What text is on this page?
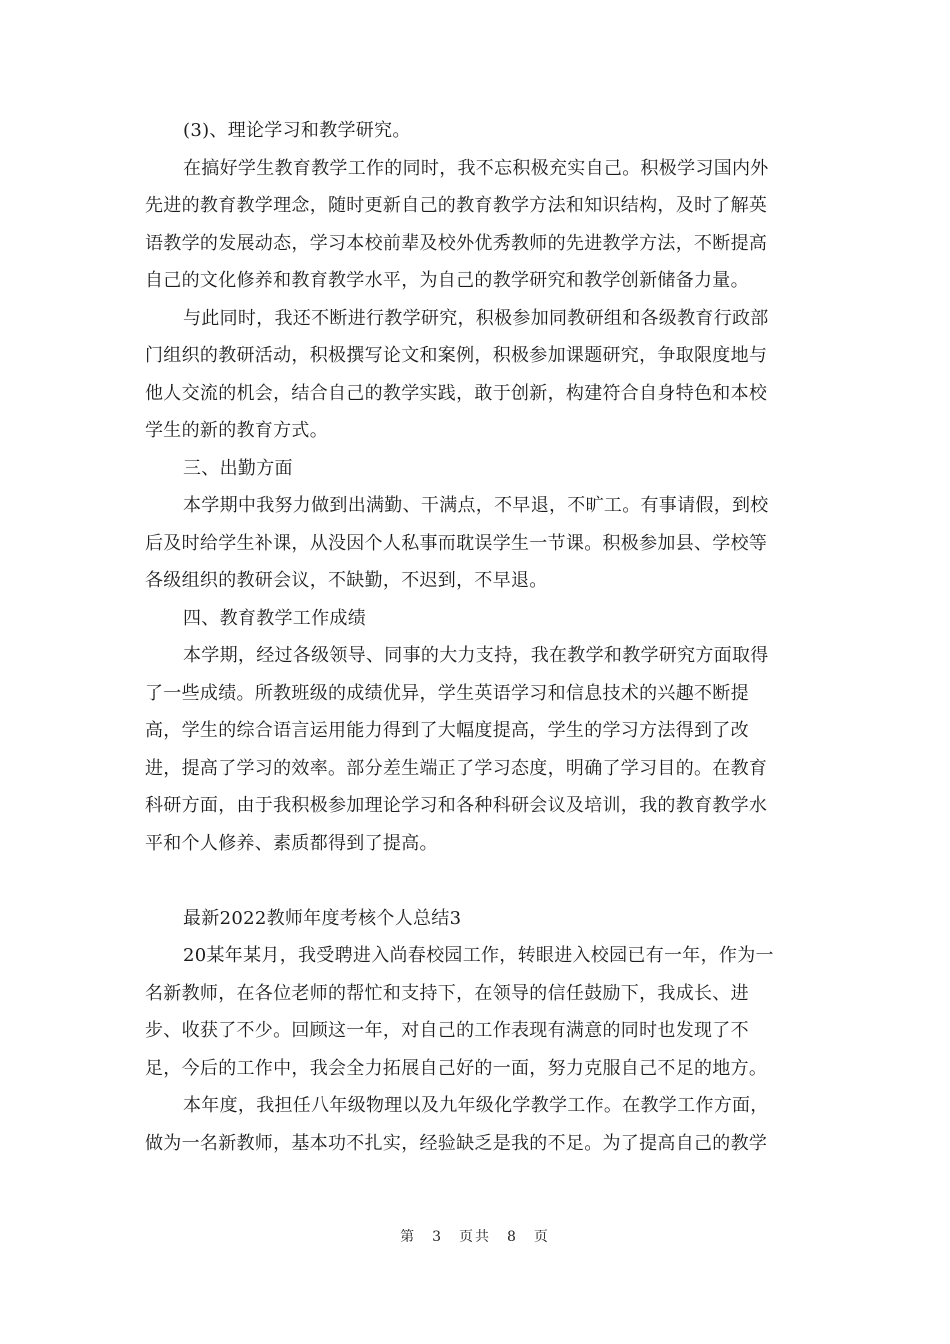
(3)、理论学习和教学研究。
在搞好学生教育教学工作的同时，我不忘积极充实自己。积极学习国内外
先进的教育教学理念，随时更新自己的教育教学方法和知识结构，及时了解英
语教学的发展动态，学习本校前辈及校外优秀教师的先进教学方法，不断提高
自己的文化修养和教育教学水平，为自己的教学研究和教学创新储备力量。
与此同时，我还不断进行教学研究，积极参加同教研组和各级教育行政部
门组织的教研活动，积极撰写论文和案例，积极参加课题研究，争取限度地与
他人交流的机会，结合自己的教学实践，敢于创新，构建符合自身特色和本校
学生的新的教育方式。
三、出勤方面
本学期中我努力做到出满勤、干满点，不早退，不旷工。有事请假，到校
后及时给学生补课，从没因个人私事而耽误学生一节课。积极参加县、学校等
各级组织的教研会议，不缺勤，不迟到，不早退。
四、教育教学工作成绩
本学期，经过各级领导、同事的大力支持，我在教学和教学研究方面取得
了一些成绩。所教班级的成绩优异，学生英语学习和信息技术的兴趣不断提
高，学生的综合语言运用能力得到了大幅度提高，学生的学习方法得到了改
进，提高了学习的效率。部分差生端正了学习态度，明确了学习目的。在教育
科研方面，由于我积极参加理论学习和各种科研会议及培训，我的教育教学水
平和个人修养、素质都得到了提高。
最新2022教师年度考核个人总结3
20某年某月，我受聘进入尚春校园工作，转眼进入校园已有一年，作为一
名新教师，在各位老师的帮忙和支持下，在领导的信任鼓励下，我成长、进
步、收获了不少。回顾这一年，对自己的工作表现有满意的同时也发现了不
足，今后的工作中，我会全力拓展自己好的一面，努力克服自己不足的地方。
本年度，我担任八年级物理以及九年级化学教学工作。在教学工作方面，
做为一名新教师，基本功不扎实，经验缺乏是我的不足。为了提高自己的教学
第 3 页共 8 页
